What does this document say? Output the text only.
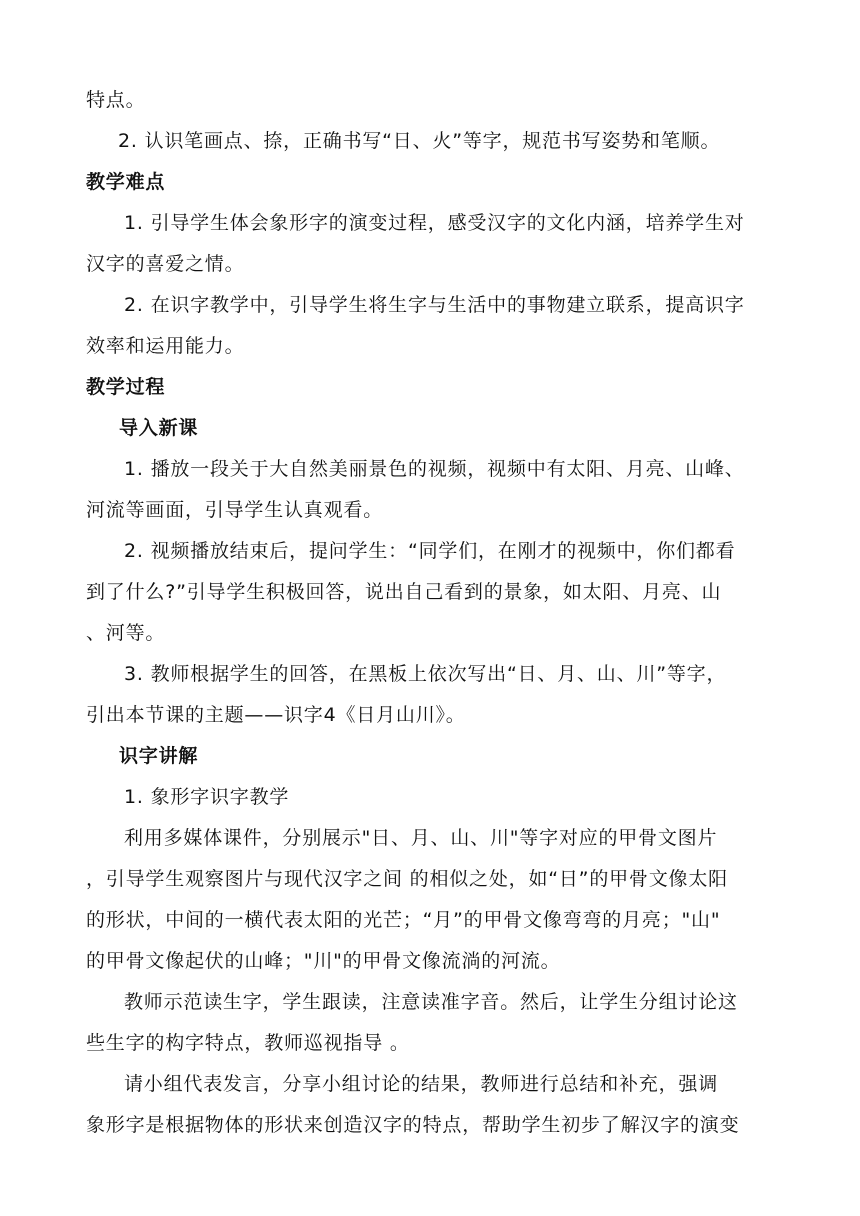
特点。
2. 认识笔画点、捺，正确书写“日、火”等字，规范书写姿势和笔顺。
教学难点
1. 引导学生体会象形字的演变过程，感受汉字的文化内涵，培养学生对
汉字的喜爱之情。
2. 在识字教学中，引导学生将生字与生活中的事物建立联系，提高识字
效率和运用能力。
教学过程
导入新课
1. 播放一段关于大自然美丽景色的视频，视频中有太阳、月亮、山峰、
河流等画面，引导学生认真观看。
2. 视频播放结束后，提问学生：“同学们，在刚才的视频中，你们都看
到了什么?”引导学生积极回答，说出自己看到的景象，如太阳、月亮、山
、河等。
3. 教师根据学生的回答，在黑板上依次写出“日、月、山、川”等字，
引出本节课的主题——识字4《日月山川》。
识字讲解
1. 象形字识字教学
利用多媒体课件，分别展示"日、月、山、川"等字对应的甲骨文图片
，引导学生观察图片与现代汉字之间 的相似之处，如“日”的甲骨文像太阳
的形状，中间的一横代表太阳的光芒；“月”的甲骨文像弯弯的月亮；"山"
的甲骨文像起伏的山峰；"川"的甲骨文像流淌的河流。
教师示范读生字，学生跟读，注意读准字音。然后，让学生分组讨论这
些生字的构字特点，教师巡视指导 。
请小组代表发言，分享小组讨论的结果，教师进行总结和补充，强调
象形字是根据物体的形状来创造汉字的特点，帮助学生初步了解汉字的演变
